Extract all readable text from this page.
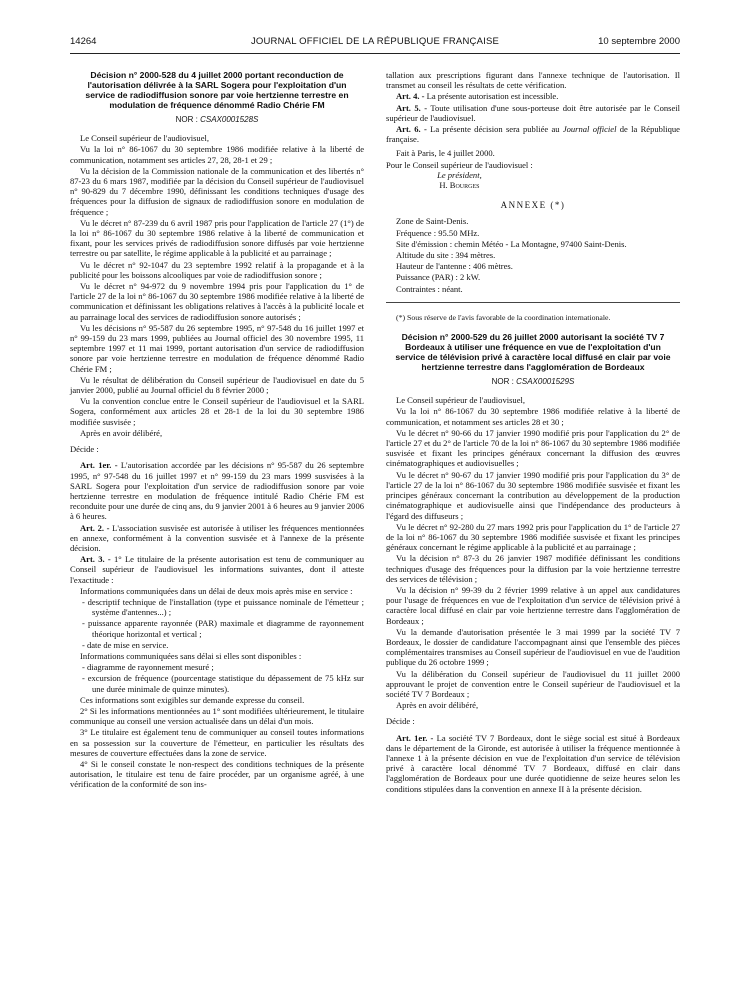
14264	JOURNAL OFFICIEL DE LA RÉPUBLIQUE FRANÇAISE	10 septembre 2000
Décision n° 2000-528 du 4 juillet 2000 portant reconduction de l'autorisation délivrée à la SARL Sogera pour l'exploitation d'un service de radiodiffusion sonore par voie hertzienne terrestre en modulation de fréquence dénommé Radio Chérie FM
NOR : CSAX0001528S

Le Conseil supérieur de l'audiovisuel,

Vu la loi n° 86-1067 du 30 septembre 1986 modifiée relative à la liberté de communication, notamment ses articles 27, 28, 28-1 et 29 ;

Vu la décision de la Commission nationale de la communication et des libertés n° 87-23 du 6 mars 1987, modifiée par la décision du Conseil supérieur de l'audiovisuel n° 90-829 du 7 décembre 1990, définissant les conditions techniques d'usage des fréquences pour la diffusion de signaux de radiodiffusion sonore en modulation de fréquence ;

Vu le décret n° 87-239 du 6 avril 1987 pris pour l'application de l'article 27 (1°) de la loi n° 86-1067 du 30 septembre 1986 relative à la liberté de communication et fixant, pour les services privés de radiodiffusion sonore diffusés par voie hertzienne terrestre ou par satellite, le régime applicable à la publicité et au parrainage ;

Vu le décret n° 92-1047 du 23 septembre 1992 relatif à la propagande et à la publicité pour les boissons alcooliques par voie de radiodiffusion sonore ;

Vu le décret n° 94-972 du 9 novembre 1994 pris pour l'application du 1° de l'article 27 de la loi n° 86-1067 du 30 septembre 1986 modifiée relative à la liberté de communication et définissant les obligations relatives à l'accès à la publicité locale et au parrainage local des services de radiodiffusion sonore autorisés ;

Vu les décisions n° 95-587 du 26 septembre 1995, n° 97-548 du 16 juillet 1997 et n° 99-159 du 23 mars 1999, publiées au Journal officiel des 30 novembre 1995, 11 septembre 1997 et 11 mai 1999, portant autorisation d'un service de radiodiffusion sonore par voie hertzienne terrestre en modulation de fréquence dénommé Radio Chérie FM ;

Vu le résultat de délibération du Conseil supérieur de l'audiovisuel en date du 5 janvier 2000, publié au Journal officiel du 8 février 2000 ;

Vu la convention conclue entre le Conseil supérieur de l'audiovisuel et la SARL Sogera, conformément aux articles 28 et 28-1 de la loi du 30 septembre 1986 modifiée susvisée ;

Après en avoir délibéré,

Décide :

Art. 1er. - L'autorisation accordée par les décisions n° 95-587 du 26 septembre 1995, n° 97-548 du 16 juillet 1997 et n° 99-159 du 23 mars 1999 susvisées à la SARL Sogera pour l'exploitation d'un service de radiodiffusion sonore par voie hertzienne terrestre en modulation de fréquence intitulé Radio Chérie FM est reconduite pour une durée de cinq ans, du 9 janvier 2001 à 6 heures au 9 janvier 2006 à 6 heures.

Art. 2. - L'association susvisée est autorisée à utiliser les fréquences mentionnées en annexe, conformément à la convention susvisée et à l'annexe de la présente décision.

Art. 3. - 1° Le titulaire de la présente autorisation est tenu de communiquer au Conseil supérieur de l'audiovisuel les informations suivantes, dont il atteste l'exactitude :

Informations communiquées dans un délai de deux mois après mise en service :

- descriptif technique de l'installation (type et puissance nominale de l'émetteur ; système d'antennes...) ;

- puissance apparente rayonnée (PAR) maximale et diagramme de rayonnement théorique horizontal et vertical ;

- date de mise en service.

Informations communiquées sans délai si elles sont disponibles :

- diagramme de rayonnement mesuré ;

- excursion de fréquence (pourcentage statistique du dépassement de 75 kHz sur une durée minimale de quinze minutes).

Ces informations sont exigibles sur demande expresse du conseil.

2° Si les informations mentionnées au 1° sont modifiées ultérieurement, le titulaire communique au conseil une version actualisée dans un délai d'un mois.

3° Le titulaire est également tenu de communiquer au conseil toutes informations en sa possession sur la couverture de l'émetteur, en particulier les résultats des mesures de couverture effectuées dans la zone de service.

4° Si le conseil constate le non-respect des conditions techniques de la présente autorisation, le titulaire est tenu de faire procéder, par un organisme agréé, à une vérification de la conformité de son ins-

tallation aux prescriptions figurant dans l'annexe technique de l'autorisation. Il transmet au conseil les résultats de cette vérification.

Art. 4. - La présente autorisation est incessible.

Art. 5. - Toute utilisation d'une sous-porteuse doit être autorisée par le Conseil supérieur de l'audiovisuel.

Art. 6. - La présente décision sera publiée au Journal officiel de la République française.

Fait à Paris, le 4 juillet 2000.

Pour le Conseil supérieur de l'audiovisuel :
Le président,
H. Bourges

ANNEXE (*)

Zone de Saint-Denis.

Fréquence : 95.50 MHz.

Site d'émission : chemin Météo - La Montagne, 97400 Saint-Denis.

Altitude du site : 394 mètres.

Hauteur de l'antenne : 406 mètres.

Puissance (PAR) : 2 kW.

Contraintes : néant.

(*) Sous réserve de l'avis favorable de la coordination internationale.

Décision n° 2000-529 du 26 juillet 2000 autorisant la société TV 7 Bordeaux à utiliser une fréquence en vue de l'exploitation d'un service de télévision privé à caractère local diffusé en clair par voie hertzienne terrestre dans l'agglomération de Bordeaux
NOR : CSAX0001529S

Le Conseil supérieur de l'audiovisuel,

Vu la loi n° 86-1067 du 30 septembre 1986 modifiée relative à la liberté de communication, et notamment ses articles 28 et 30 ;

Vu le décret n° 90-66 du 17 janvier 1990 modifié pris pour l'application du 2° de l'article 27 et du 2° de l'article 70 de la loi n° 86-1067 du 30 septembre 1986 modifiée susvisée et fixant les principes généraux concernant la diffusion des œuvres cinématographiques et audiovisuelles ;

Vu le décret n° 90-67 du 17 janvier 1990 modifié pris pour l'application du 3° de l'article 27 de la loi n° 86-1067 du 30 septembre 1986 modifiée susvisée et fixant les principes généraux concernant la contribution au développement de la production cinématographique et audiovisuelle ainsi que l'indépendance des producteurs à l'égard des diffuseurs ;

Vu le décret n° 92-280 du 27 mars 1992 pris pour l'application du 1° de l'article 27 de la loi n° 86-1067 du 30 septembre 1986 modifiée susvisée et fixant les principes généraux concernant le régime applicable à la publicité et au parrainage ;

Vu la décision n° 87-3 du 26 janvier 1987 modifiée définissant les conditions techniques d'usage des fréquences pour la diffusion par la voie hertzienne terrestre des services de télévision ;

Vu la décision n° 99-39 du 2 février 1999 relative à un appel aux candidatures pour l'usage de fréquences en vue de l'exploitation d'un service de télévision privé à caractère local diffusé en clair par voie hertzienne terrestre dans l'agglomération de Bordeaux ;

Vu la demande d'autorisation présentée le 3 mai 1999 par la société TV 7 Bordeaux, le dossier de candidature l'accompagnant ainsi que l'ensemble des pièces complémentaires transmises au Conseil supérieur de l'audiovisuel en vue de l'audition publique du 26 octobre 1999 ;

Vu la délibération du Conseil supérieur de l'audiovisuel du 11 juillet 2000 approuvant le projet de convention entre le Conseil supérieur de l'audiovisuel et la société TV 7 Bordeaux ;

Après en avoir délibéré,

Décide :

Art. 1er. - La société TV 7 Bordeaux, dont le siège social est situé à Bordeaux dans le département de la Gironde, est autorisée à utiliser la fréquence mentionnée à l'annexe 1 à la présente décision en vue de l'exploitation d'un service de télévision privé à caractère local dénommé TV 7 Bordeaux, diffusé en clair dans l'agglomération de Bordeaux pour une durée quotidienne de seize heures selon les conditions stipulées dans la convention en annexe II à la présente décision.
